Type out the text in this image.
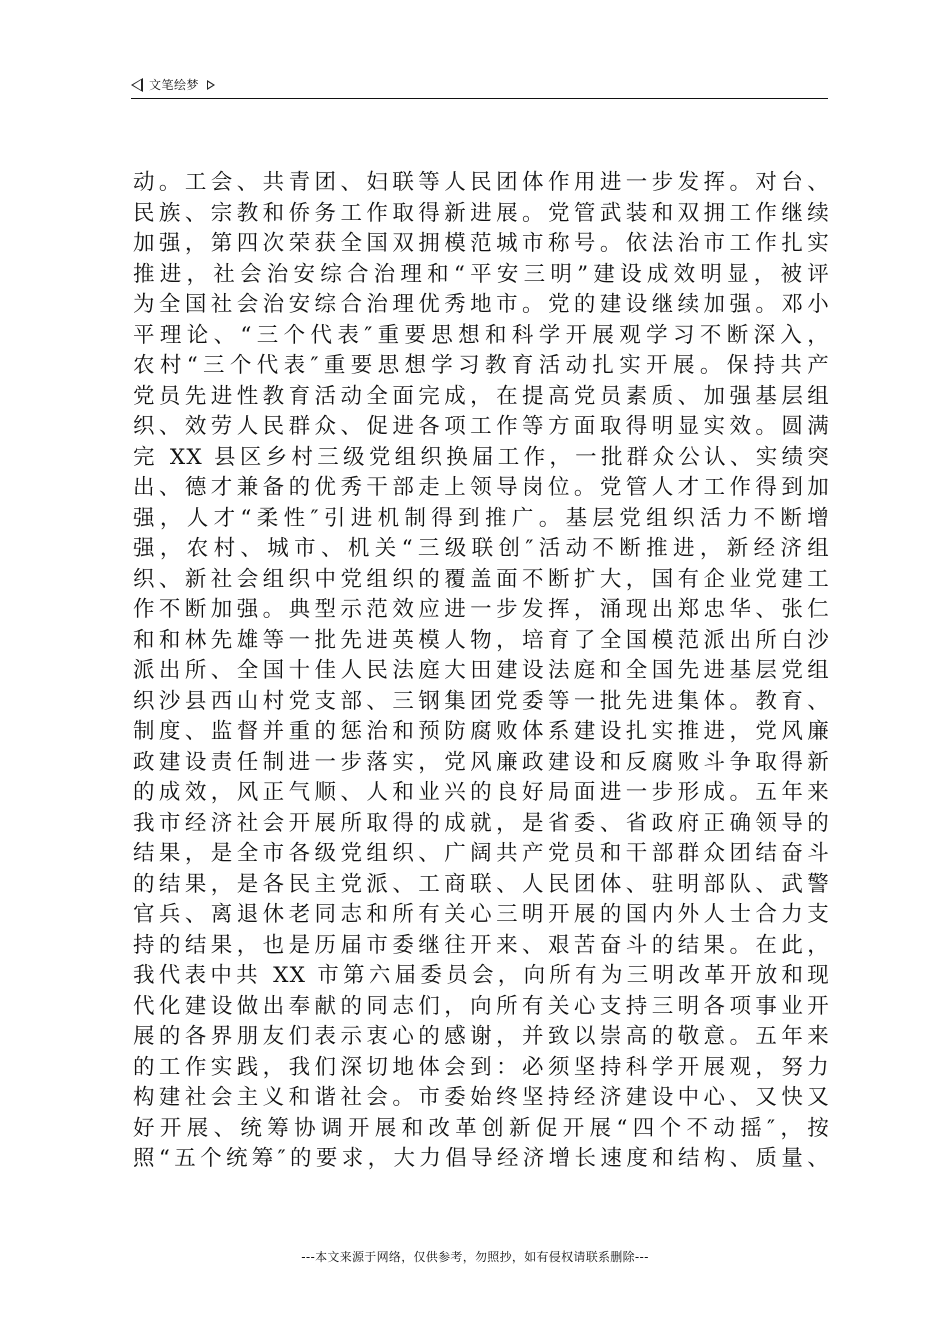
文笔绘梦
动。工会、共青团、妇联等人民团体作用进一步发挥。对台、
民族、宗教和侨务工作取得新进展。党管武装和双拥工作继续
加强，第四次荣获全国双拥模范城市称号。依法治市工作扎实
推进，社会治安综合治理和“平安三明”建设成效明显，被评
为全国社会治安综合治理优秀地市。党的建设继续加强。邓小
平理论、“三个代表″重要思想和科学开展观学习不断深入，
农村“三个代表″重要思想学习教育活动扎实开展。保持共产
党员先进性教育活动全面完成，在提高党员素质、加强基层组
织、效劳人民群众、促进各项工作等方面取得明显实效。圆满
完 XX 县区乡村三级党组织换届工作，一批群众公认、实绩突
出、德才兼备的优秀干部走上领导岗位。党管人才工作得到加
强，人才“柔性″引进机制得到推广。基层党组织活力不断增
强，农村、城市、机关“三级联创″活动不断推进，新经济组
织、新社会组织中党组织的覆盖面不断扩大，国有企业党建工
作不断加强。典型示范效应进一步发挥，涌现出郑忠华、张仁
和和林先雄等一批先进英模人物，培育了全国模范派出所白沙
派出所、全国十佳人民法庭大田建设法庭和全国先进基层党组
织沙县西山村党支部、三钢集团党委等一批先进集体。教育、
制度、监督并重的惩治和预防腐败体系建设扎实推进，党风廉
政建设责任制进一步落实，党风廉政建设和反腐败斗争取得新
的成效，风正气顺、人和业兴的良好局面进一步形成。五年来
我市经济社会开展所取得的成就，是省委、省政府正确领导的
结果，是全市各级党组织、广阔共产党员和干部群众团结奋斗
的结果，是各民主党派、工商联、人民团体、驻明部队、武警
官兵、离退休老同志和所有关心三明开展的国内外人士合力支
持的结果，也是历届市委继往开来、艰苦奋斗的结果。在此，
我代表中共 XX 市第六届委员会，向所有为三明改革开放和现
代化建设做出奉献的同志们，向所有关心支持三明各项事业开
展的各界朋友们表示衷心的感谢，并致以崇高的敬意。五年来
的工作实践，我们深切地体会到：必须坚持科学开展观，努力
构建社会主义和谐社会。市委始终坚持经济建设中心、又快又
好开展、统筹协调开展和改革创新促开展“四个不动摇″，按
照“五个统筹″的要求，大力倡导经济增长速度和结构、质量、
---本文来源于网络，仅供参考，勿照抄，如有侵权请联系删除---
